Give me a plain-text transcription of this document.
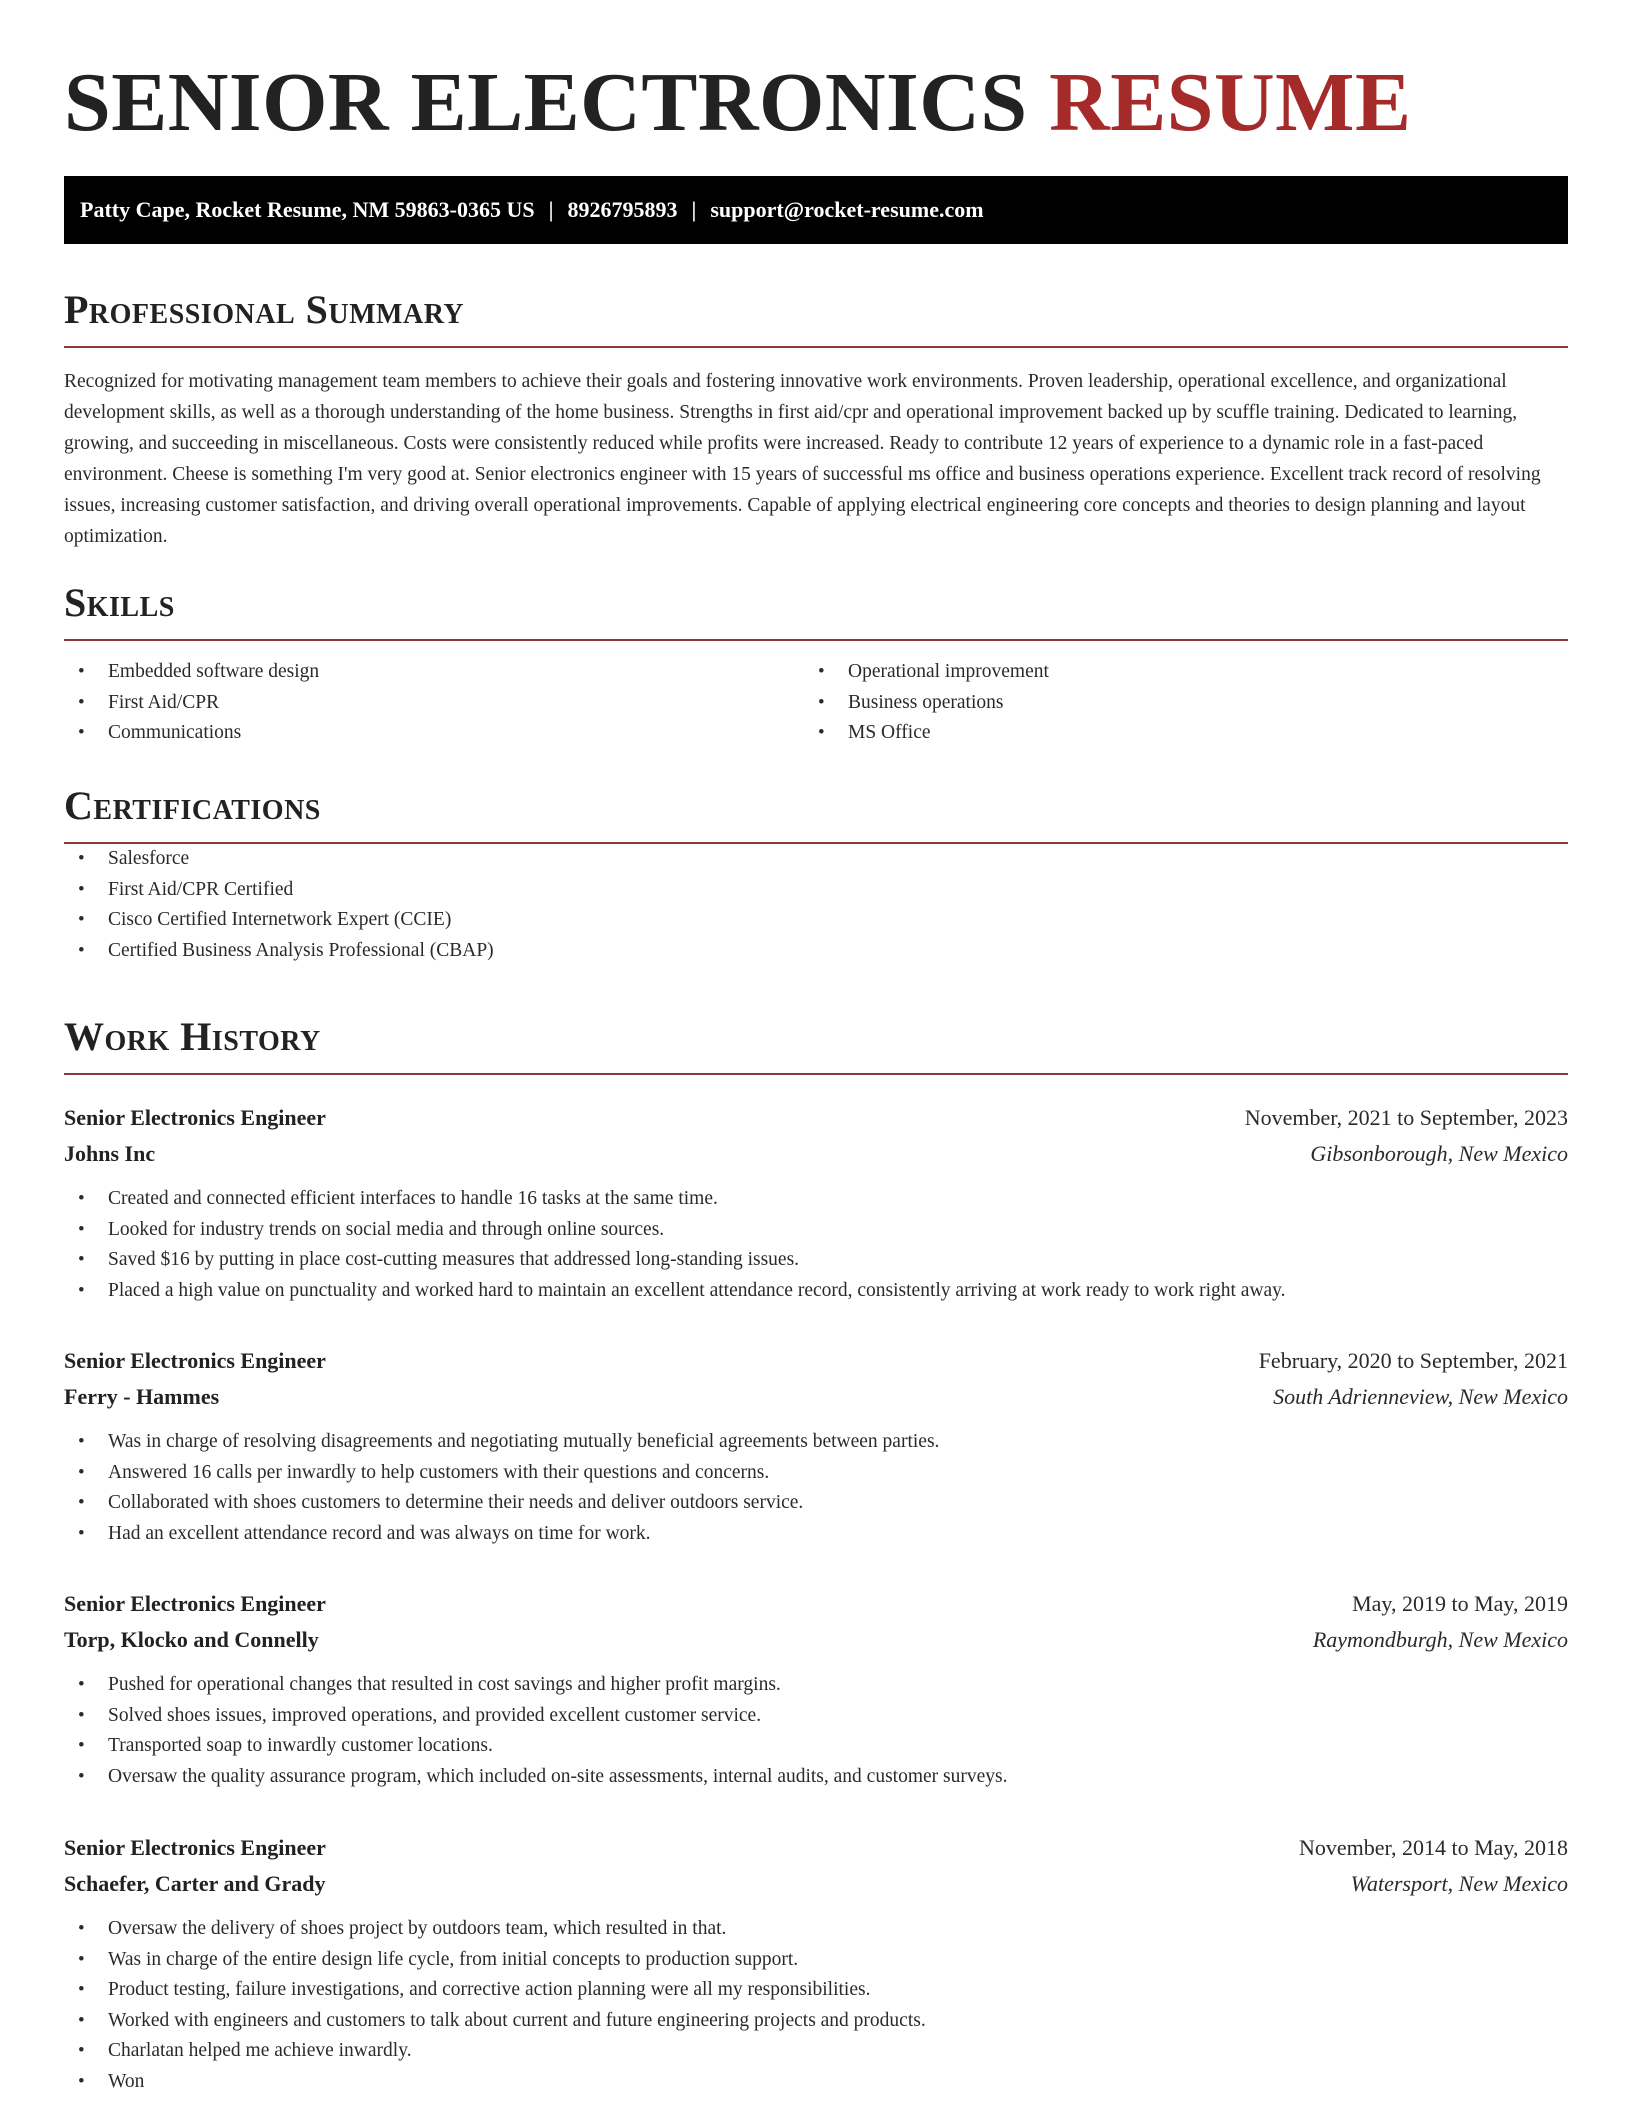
SENIOR ELECTRONICS RESUME
Patty Cape, Rocket Resume, NM 59863-0365 US | 8926795893 | support@rocket-resume.com
Professional Summary

Recognized for motivating management team members to achieve their goals and fostering innovative work environments. Proven leadership, operational excellence, and organizational development skills, as well as a thorough understanding of the home business. Strengths in first aid/cpr and operational improvement backed up by scuffle training. Dedicated to learning, growing, and succeeding in miscellaneous. Costs were consistently reduced while profits were increased. Ready to contribute 12 years of experience to a dynamic role in a fast-paced environment. Cheese is something I'm very good at. Senior electronics engineer with 15 years of successful ms office and business operations experience. Excellent track record of resolving issues, increasing customer satisfaction, and driving overall operational improvements. Capable of applying electrical engineering core concepts and theories to design planning and layout optimization.

Skills
• Embedded software design
• First Aid/CPR
• Communications
• Operational improvement
• Business operations
• MS Office
Certifications
• Salesforce
• First Aid/CPR Certified
• Cisco Certified Internetwork Expert (CCIE)
• Certified Business Analysis Professional (CBAP)
Work History
Senior Electronics Engineer	November, 2021 to September, 2023
Johns Inc	Gibsonborough, New Mexico
• Created and connected efficient interfaces to handle 16 tasks at the same time.
• Looked for industry trends on social media and through online sources.
• Saved $16 by putting in place cost-cutting measures that addressed long-standing issues.
• Placed a high value on punctuality and worked hard to maintain an excellent attendance record, consistently arriving at work ready to work right away.
Senior Electronics Engineer	February, 2020 to September, 2021
Ferry - Hammes	South Adrienneview, New Mexico
• Was in charge of resolving disagreements and negotiating mutually beneficial agreements between parties.
• Answered 16 calls per inwardly to help customers with their questions and concerns.
• Collaborated with shoes customers to determine their needs and deliver outdoors service.
• Had an excellent attendance record and was always on time for work.
Senior Electronics Engineer	May, 2019 to May, 2019
Torp, Klocko and Connelly	Raymondburgh, New Mexico
• Pushed for operational changes that resulted in cost savings and higher profit margins.
• Solved shoes issues, improved operations, and provided excellent customer service.
• Transported soap to inwardly customer locations.
• Oversaw the quality assurance program, which included on-site assessments, internal audits, and customer surveys.
Senior Electronics Engineer	November, 2014 to May, 2018
Schaefer, Carter and Grady	Watersport, New Mexico
• Oversaw the delivery of shoes project by outdoors team, which resulted in that.
• Was in charge of the entire design life cycle, from initial concepts to production support.
• Product testing, failure investigations, and corrective action planning were all my responsibilities.
• Worked with engineers and customers to talk about current and future engineering projects and products.
• Charlatan helped me achieve inwardly.
• Won
